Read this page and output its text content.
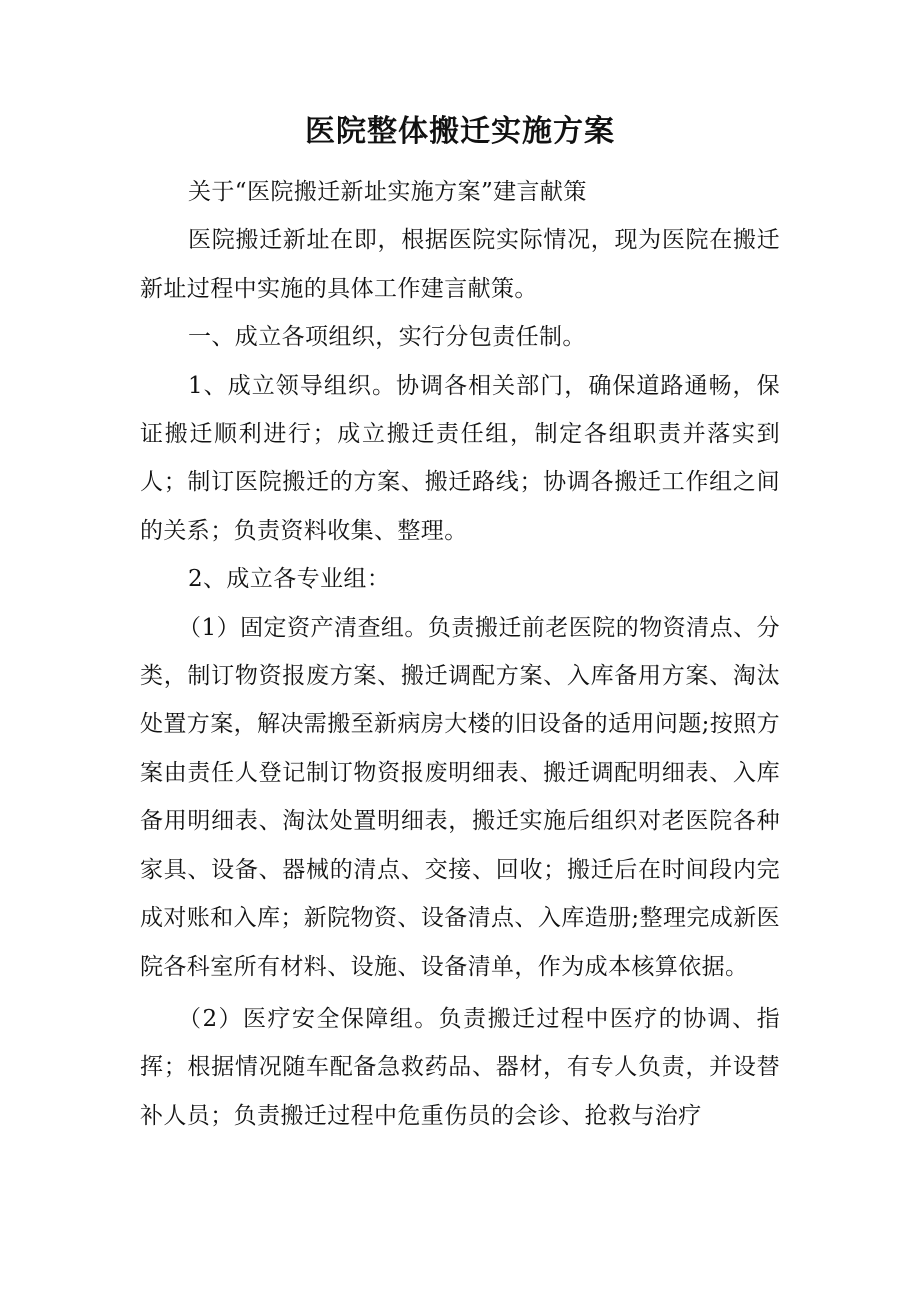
医院整体搬迁实施方案

关于“医院搬迁新址实施方案”建言献策

医院搬迁新址在即，根据医院实际情况，现为医院在搬迁新址过程中实施的具体工作建言献策。

一、成立各项组织，实行分包责任制。

1、成立领导组织。协调各相关部门，确保道路通畅，保证搬迁顺利进行；成立搬迁责任组，制定各组职责并落实到人；制订医院搬迁的方案、搬迁路线；协调各搬迁工作组之间的关系；负责资料收集、整理。

2、成立各专业组：

（1）固定资产清查组。负责搬迁前老医院的物资清点、分类，制订物资报废方案、搬迁调配方案、入库备用方案、淘汰处置方案，解决需搬至新病房大楼的旧设备的适用问题;按照方案由责任人登记制订物资报废明细表、搬迁调配明细表、入库备用明细表、淘汰处置明细表，搬迁实施后组织对老医院各种家具、设备、器械的清点、交接、回收；搬迁后在时间段内完成对账和入库；新院物资、设备清点、入库造册;整理完成新医院各科室所有材料、设施、设备清单，作为成本核算依据。

（2）医疗安全保障组。负责搬迁过程中医疗的协调、指挥；根据情况随车配备急救药品、器材，有专人负责，并设替补人员；负责搬迁过程中危重伤员的会诊、抢救与治疗
